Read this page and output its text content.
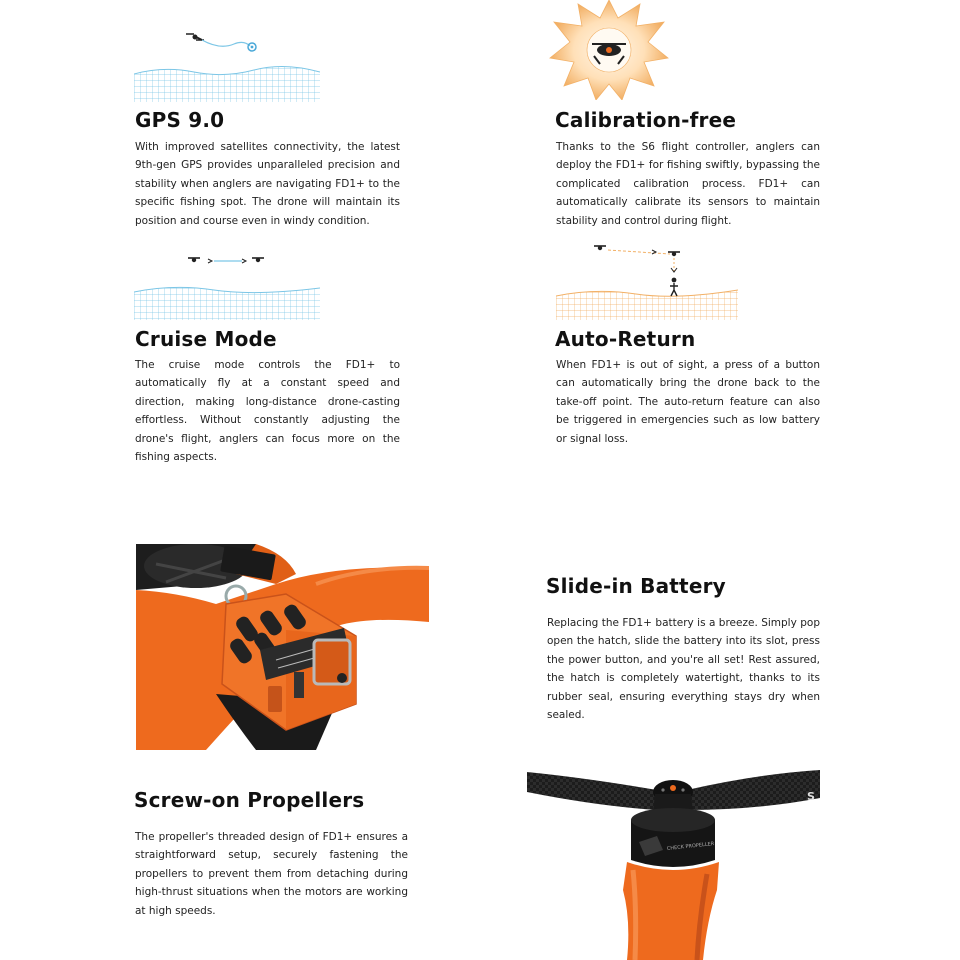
GPS 9.0

With improved satellites connectivity, the latest 9th-gen GPS provides unparalleled precision and stability when anglers are navigating FD1+ to the specific fishing spot. The drone will maintain its position and course even in windy condition.

Calibration-free

Thanks to the S6 flight controller, anglers can deploy the FD1+ for fishing swiftly, bypassing the complicated calibration process. FD1+ can automatically calibrate its sensors to maintain stability and control during flight.

Cruise Mode

The cruise mode controls the FD1+ to automatically fly at a constant speed and direction, making long-distance drone-casting effortless. Without constantly adjusting the drone's flight, anglers can focus more on the fishing aspects.

Auto-Return

When FD1+ is out of sight, a press of a button can automatically bring the drone back to the take-off point. The auto-return feature can also be triggered in emergencies such as low battery or signal loss.

Slide-in Battery

Replacing the FD1+ battery is a breeze. Simply pop open the hatch, slide the battery into its slot, press the power button, and you're all set! Rest assured, the hatch is completely watertight, thanks to its rubber seal, ensuring everything stays dry when sealed.

Screw-on Propellers

The propeller's threaded design of FD1+ ensures a straightforward setup, securely fastening the propellers to prevent them from detaching during high-thrust situations when the motors are working at high speeds.

S
CHECK PROPELLER
